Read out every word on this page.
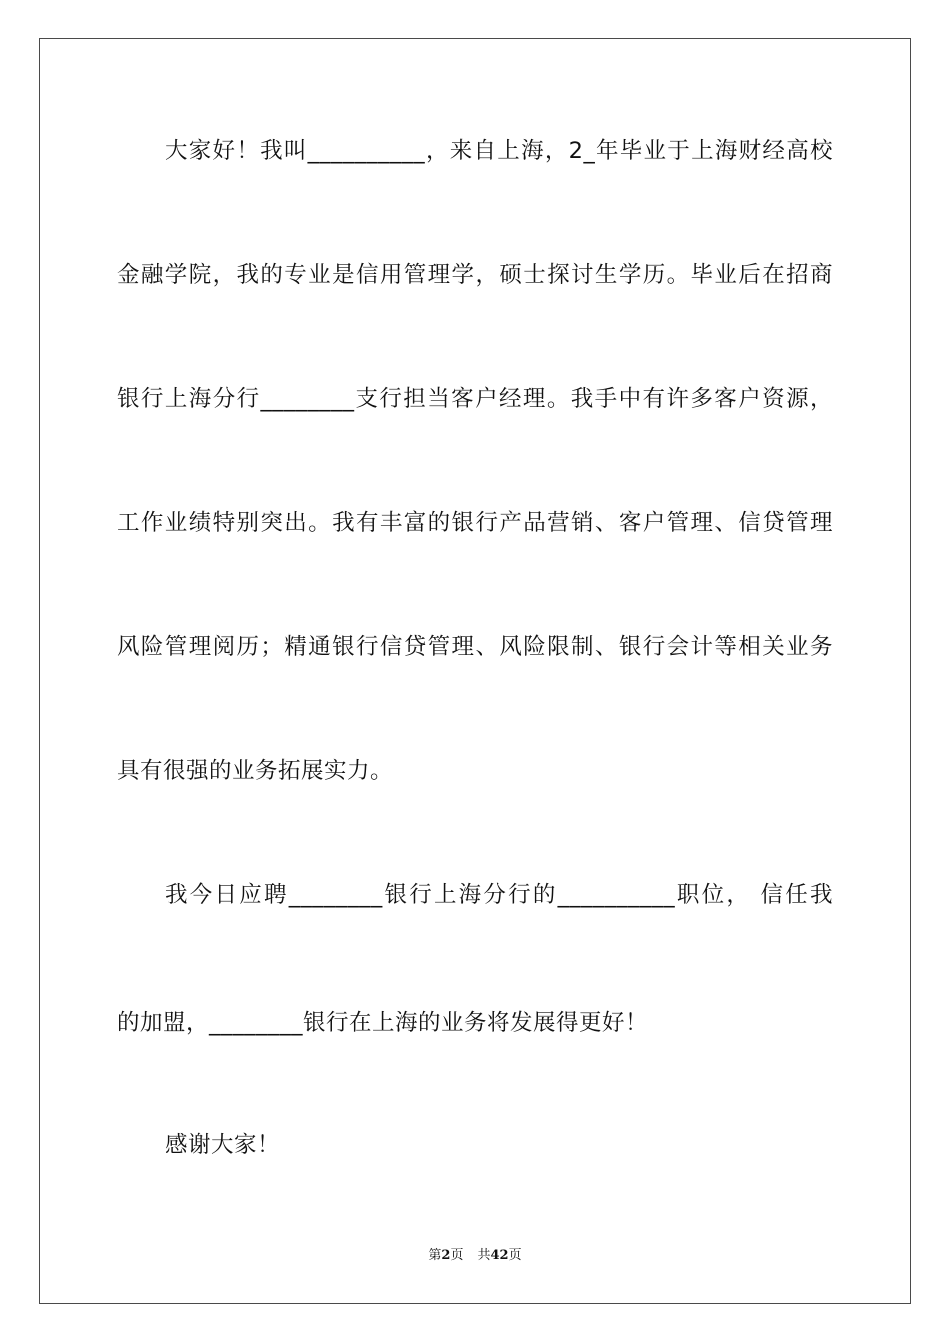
大家好！我叫__________，来自上海，2_年毕业于上海财经高校
金融学院，我的专业是信用管理学，硕士探讨生学历。毕业后在招商
银行上海分行________支行担当客户经理。我手中有许多客户资源，
工作业绩特别突出。我有丰富的银行产品营销、客户管理、信贷管理
风险管理阅历；精通银行信贷管理、风险限制、银行会计等相关业务
具有很强的业务拓展实力。
我今日应聘________银行上海分行的__________职位， 信任我
的加盟，________银行在上海的业务将发展得更好！
感谢大家！
第2页 共42页
